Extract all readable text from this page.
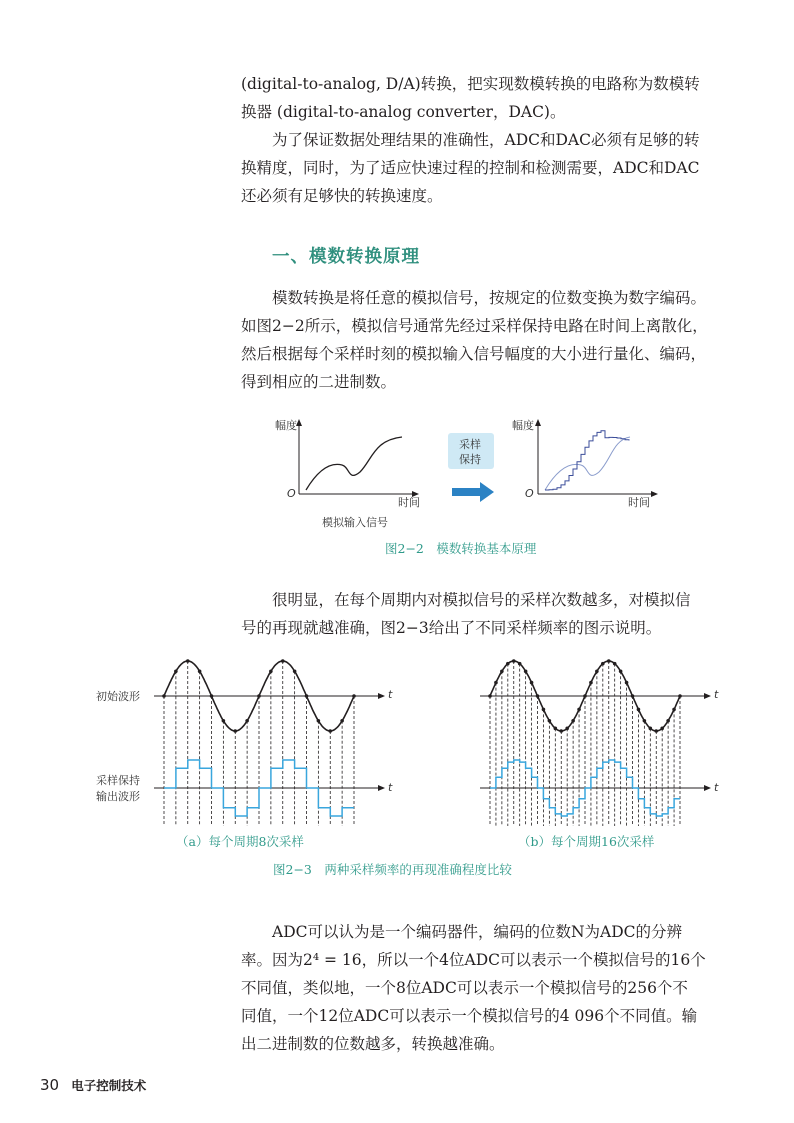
(digital-to-analog, D/A)转换，把实现数模转换的电路称为数模转
换器 (digital-to-analog converter，DAC)。
为了保证数据处理结果的准确性，ADC和DAC必须有足够的转
换精度，同时，为了适应快速过程的控制和检测需要，ADC和DAC
还必须有足够快的转换速度。
一、模数转换原理
模数转换是将任意的模拟信号，按规定的位数变换为数字编码。
如图2−2所示，模拟信号通常先经过采样保持电路在时间上离散化，
然后根据每个采样时刻的模拟输入信号幅度的大小进行量化、编码，
得到相应的二进制数。
幅度
时间
O
模拟输入信号
采样
保持
幅度
时间
O
图2−2　模数转换基本原理
很明显，在每个周期内对模拟信号的采样次数越多，对模拟信
号的再现就越准确，图2−3给出了不同采样频率的图示说明。
初始波形
采样保持
输出波形
t
t
t
t
（a）每个周期8次采样	（b）每个周期16次采样
图2−3　两种采样频率的再现准确程度比较
ADC可以认为是一个编码器件，编码的位数N为ADC的分辨
率。因为2⁴ = 16，所以一个4位ADC可以表示一个模拟信号的16个
不同值，类似地，一个8位ADC可以表示一个模拟信号的256个不
同值，一个12位ADC可以表示一个模拟信号的4 096个不同值。输
出二进制数的位数越多，转换越准确。
30 电子控制技术
